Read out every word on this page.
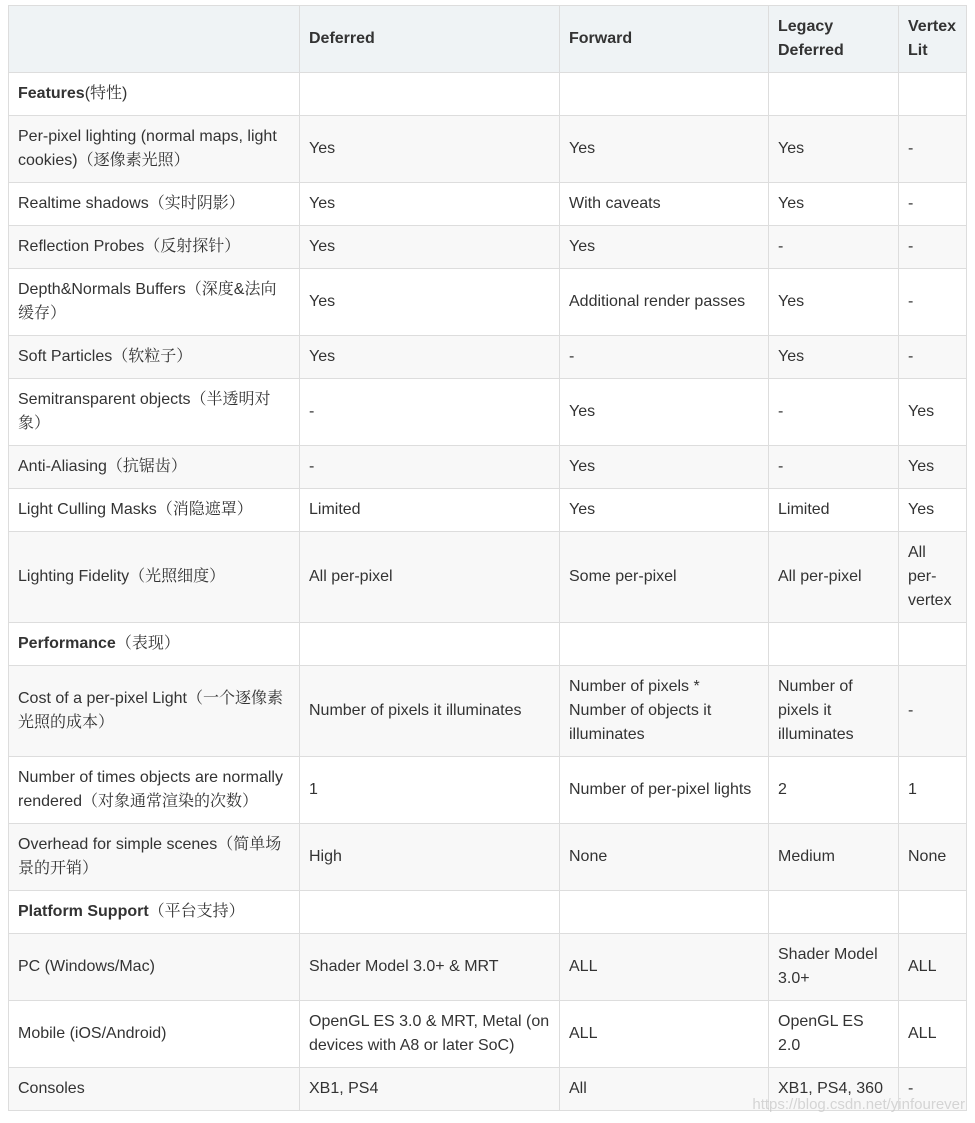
	Deferred	Forward	Legacy Deferred	Vertex Lit
Features(特性)				
Per-pixel lighting (normal maps, light cookies)（逐像素光照）	Yes	Yes	Yes	-
Realtime shadows（实时阴影）	Yes	With caveats	Yes	-
Reflection Probes（反射探针）	Yes	Yes	-	-
Depth&Normals Buffers（深度&法向缓存）	Yes	Additional render passes	Yes	-
Soft Particles（软粒子）	Yes	-	Yes	-
Semitransparent objects（半透明对象）	-	Yes	-	Yes
Anti-Aliasing（抗锯齿）	-	Yes	-	Yes
Light Culling Masks（消隐遮罩）	Limited	Yes	Limited	Yes
Lighting Fidelity（光照细度）	All per-pixel	Some per-pixel	All per-pixel	All per-vertex
Performance（表现）				
Cost of a per-pixel Light（一个逐像素光照的成本）	Number of pixels it illuminates	Number of pixels * Number of objects it illuminates	Number of pixels it illuminates	-
Number of times objects are normally rendered（对象通常渲染的次数）	1	Number of per-pixel lights	2	1
Overhead for simple scenes（简单场景的开销）	High	None	Medium	None
Platform Support（平台支持）				
PC (Windows/Mac)	Shader Model 3.0+ & MRT	ALL	Shader Model 3.0+	ALL
Mobile (iOS/Android)	OpenGL ES 3.0 & MRT, Metal (on devices with A8 or later SoC)	ALL	OpenGL ES 2.0	ALL
Consoles	XB1, PS4	All	XB1, PS4, 360	-
https://blog.csdn.net/yinfourever
